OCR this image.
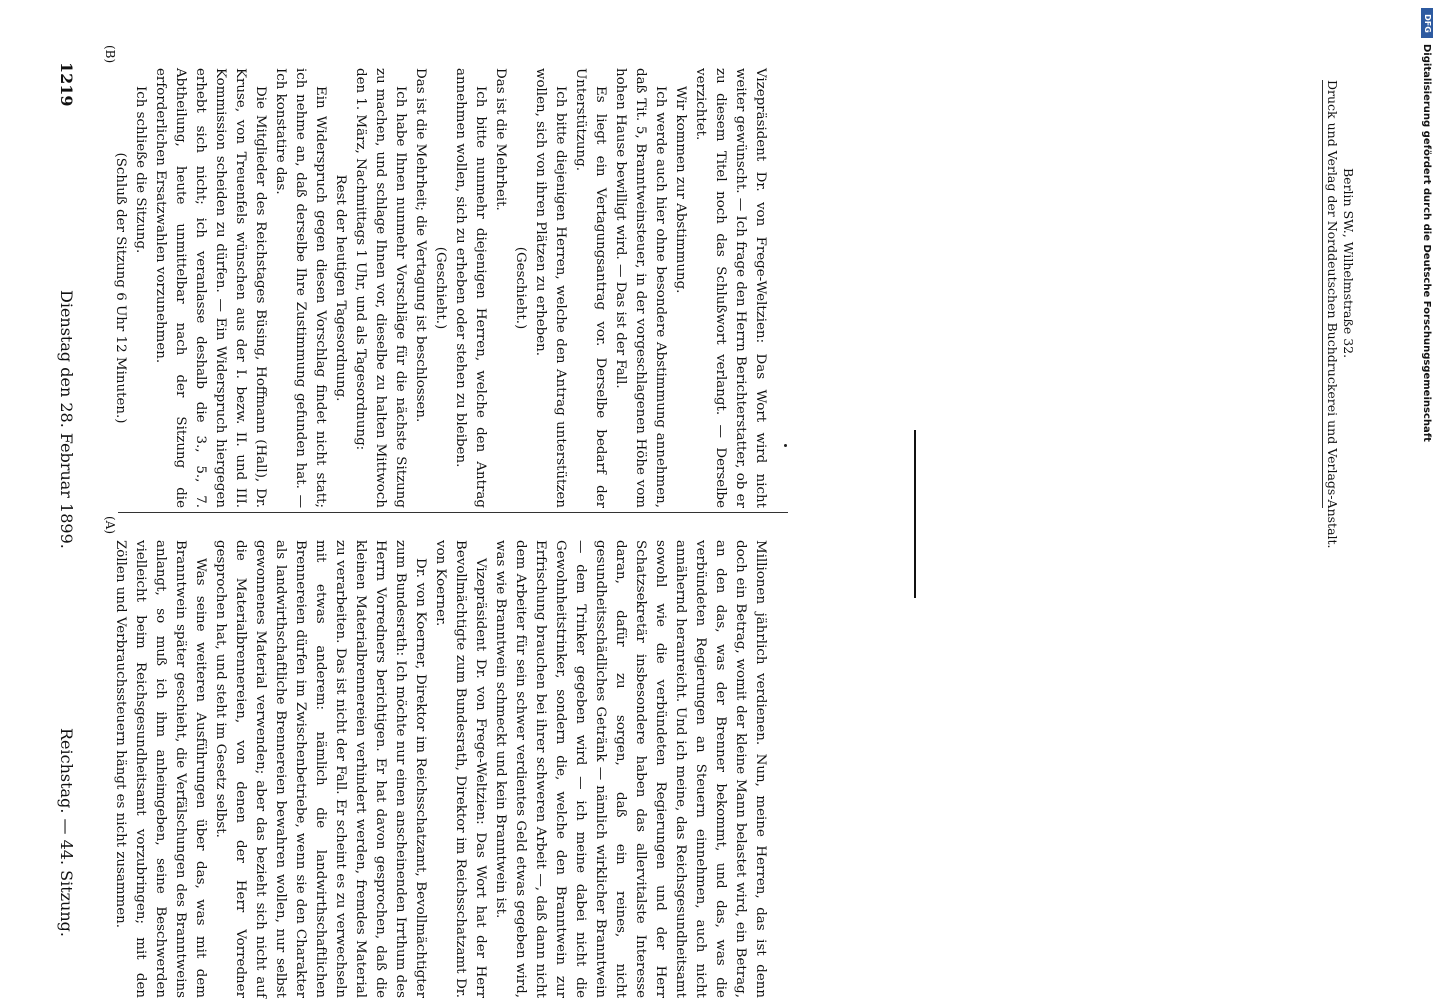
Reichstag. — 44. Sitzung.
Dienstag den 28. Februar 1899.
1219
(A)
(B)

Millionen jährlich verdienen. Nun, meine Herren, das ist denn doch ein Betrag, womit der kleine Mann belastet wird, ein Betrag, an den das, was der Brenner bekommt, und das, was die verbündeten Regierungen an Steuern einnehmen, auch nicht annähernd heranreicht. Und ich meine, das Reichsgesundheitsamt sowohl wie die verbündeten Regierungen und der Herr Schatzsekretär insbesondere haben das allervitalste Interesse daran, dafür zu sorgen, daß ein reines, nicht gesundheitsschädliches Getränk — nämlich wirklicher Branntwein — dem Trinker gegeben wird — ich meine dabei nicht die Gewohnheitstrinker, sondern die, welche den Branntwein zur Erfrischung brauchen bei ihrer schweren Arbeit —, daß dann nicht dem Arbeiter für sein schwer verdientes Geld etwas gegeben wird, was wie Branntwein schmeckt und kein Branntwein ist.

Vizepräsident Dr. von Frege-Weltzien: Das Wort hat der Herr Bevollmächtigte zum Bundesrath, Direktor im Reichsschatzamt Dr. von Koerner.

Dr. von Koerner, Direktor im Reichsschatzamt, Bevollmächtigter zum Bundesrath: Ich möchte nur einen anscheinenden Irrthum des Herrn Vorredners berichtigen. Er hat davon gesprochen, daß die kleinen Materialbrennereien verhindert werden, fremdes Material zu verarbeiten. Das ist nicht der Fall. Er scheint es zu verwechseln mit etwas anderem: nämlich die landwirthschaftlichen Brennereien dürfen im Zwischenbetriebe, wenn sie den Charakter als landwirthschaftliche Brennereien bewahren wollen, nur selbst gewonnenes Material verwenden; aber das bezieht sich nicht auf die Materialbrennereien, von denen der Herr Vorredner gesprochen hat, und steht im Gesetz selbst.

Was seine weiteren Ausführungen über das, was mit dem Branntwein später geschieht, die Verfälschungen des Branntweins anlangt, so muß ich ihm anheimgeben, seine Beschwerden vielleicht beim Reichsgesundheitsamt vorzubringen; mit den Zöllen und Verbrauchssteuern hängt es nicht zusammen.

Vizepräsident Dr. von Frege-Weltzien: Das Wort wird nicht weiter gewünscht. — Ich frage den Herrn Berichterstatter, ob er zu diesem Titel noch das Schlußwort verlangt. — Derselbe verzichtet.

Wir kommen zur Abstimmung.

Ich werde auch hier ohne besondere Abstimmung annehmen, daß Tit. 5, Branntweinsteuer, in der vorgeschlagenen Höhe vom hohen Hause bewilligt wird. — Das ist der Fall.

Es liegt ein Vertagungsantrag vor. Derselbe bedarf der Unterstützung.

Ich bitte diejenigen Herren, welche den Antrag unterstützen wollen, sich von ihren Plätzen zu erheben.

(Geschieht.)

Das ist die Mehrheit.

Ich bitte nunmehr diejenigen Herren, welche den Antrag annehmen wollen, sich zu erheben oder stehen zu bleiben.

(Geschieht.)

Das ist die Mehrheit; die Vertagung ist beschlossen.

Ich habe Ihnen nunmehr Vorschläge für die nächste Sitzung zu machen, und schlage Ihnen vor, dieselbe zu halten Mittwoch den 1. März, Nachmittags 1 Uhr, und als Tagesordnung:

Rest der heutigen Tagesordnung.

Ein Widerspruch gegen diesen Vorschlag findet nicht statt; ich nehme an, daß derselbe Ihre Zustimmung gefunden hat. — Ich konstatire das.

Die Mitglieder des Reichstages Büsing, Hoffmann (Hall), Dr. Kruse, von Treuenfels wünschen aus der I. bezw. II. und III. Kommission scheiden zu dürfen. — Ein Widerspruch hiergegen erhebt sich nicht; ich veranlasse deshalb die 3., 5., 7. Abtheilung, heute unmittelbar nach der Sitzung die erforderlichen Ersatzwahlen vorzunehmen.

Ich schließe die Sitzung.

(Schluß der Sitzung 6 Uhr 12 Minuten.)	Druck und Verlag der Norddeutschen Buchdruckerei und Verlags-Anstalt. Berlin SW., Wilhelmstraße 32.	Digitalisierung gefördert durch die Deutsche Forschungsgemeinschaft
DFG
